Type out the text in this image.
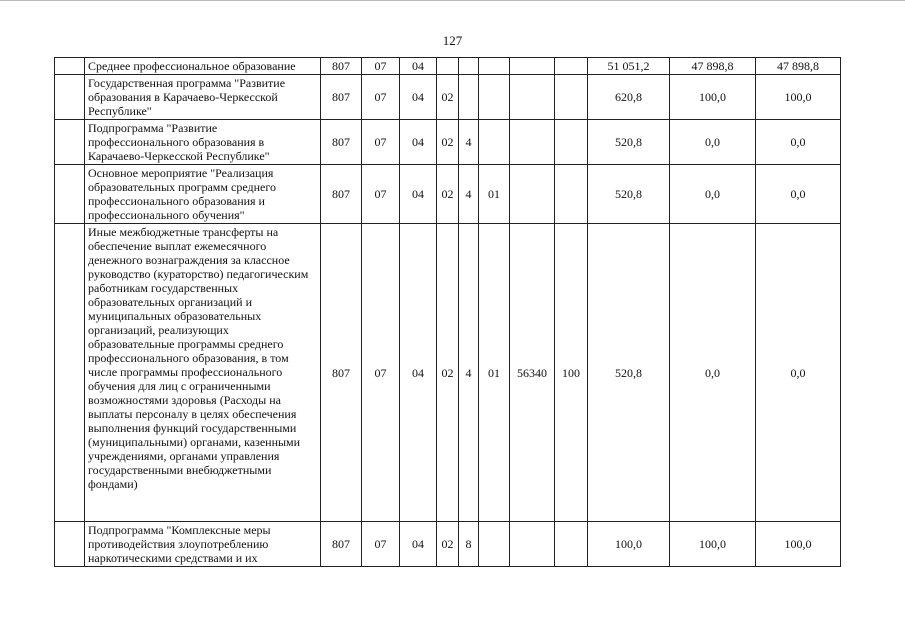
127
	Среднее профессиональное образование	807	07	04						51 051,2	47 898,8	47 898,8
	Государственная программа "Развитие образования в Карачаево-Черкесской Республике"	807	07	04	02					620,8	100,0	100,0
	Подпрограмма "Развитие профессионального образования в Карачаево-Черкесской Республике"	807	07	04	02	4				520,8	0,0	0,0
	Основное мероприятие "Реализация образовательных программ среднего профессионального образования и профессионального обучения"	807	07	04	02	4	01			520,8	0,0	0,0
	Иные межбюджетные трансферты на обеспечение выплат ежемесячного денежного вознаграждения за классное руководство (кураторство) педагогическим работникам государственных образовательных организаций и муниципальных образовательных организаций, реализующих образовательные программы среднего профессионального образования, в том числе программы профессионального обучения для лиц с ограниченными возможностями здоровья (Расходы на выплаты персоналу в целях обеспечения выполнения функций государственными (муниципальными) органами, казенными учреждениями, органами управления государственными внебюджетными фондами)	807	07	04	02	4	01	56340	100	520,8	0,0	0,0
	Подпрограмма "Комплексные меры противодействия злоупотреблению наркотическими средствами и их	807	07	04	02	8				100,0	100,0	100,0
